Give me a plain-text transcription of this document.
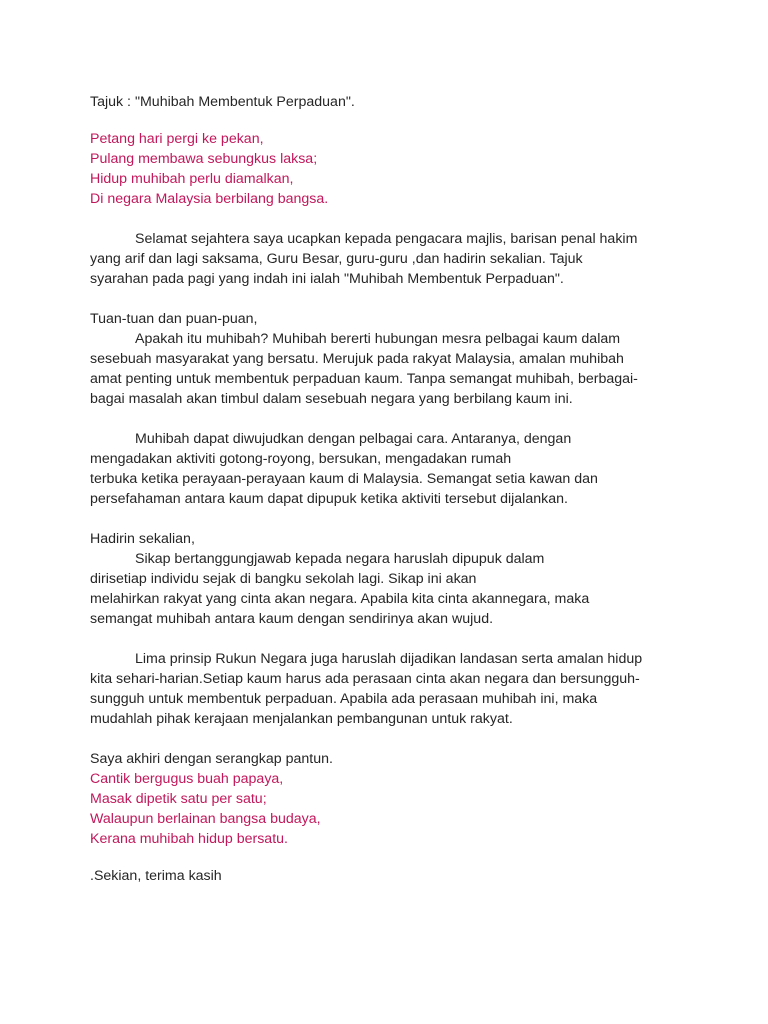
Tajuk : "Muhibah Membentuk Perpaduan".
Petang hari pergi ke pekan,
Pulang membawa sebungkus laksa;
Hidup muhibah perlu diamalkan,
Di negara Malaysia berbilang bangsa.
Selamat sejahtera saya ucapkan kepada pengacara majlis, barisan penal hakim
yang arif dan lagi saksama, Guru Besar, guru-guru ,dan hadirin sekalian. Tajuk
syarahan pada pagi yang indah ini ialah "Muhibah Membentuk Perpaduan".
Tuan-tuan dan puan-puan,
Apakah itu muhibah? Muhibah bererti hubungan mesra pelbagai kaum dalam
sesebuah masyarakat yang bersatu. Merujuk pada rakyat Malaysia, amalan muhibah
amat penting untuk membentuk perpaduan kaum. Tanpa semangat muhibah, berbagai-
bagai masalah akan timbul dalam sesebuah negara yang berbilang kaum ini.
Muhibah dapat diwujudkan dengan pelbagai cara. Antaranya, dengan
mengadakan aktiviti gotong-royong, bersukan, mengadakan rumah
terbuka ketika perayaan-perayaan kaum di Malaysia. Semangat setia kawan dan
persefahaman antara kaum dapat dipupuk ketika aktiviti tersebut dijalankan.
Hadirin sekalian,
Sikap bertanggungjawab kepada negara haruslah dipupuk dalam
dirisetiap individu sejak di bangku sekolah lagi. Sikap ini akan
melahirkan rakyat yang cinta akan negara. Apabila kita cinta akannegara, maka
semangat muhibah antara kaum dengan sendirinya akan wujud.
Lima prinsip Rukun Negara juga haruslah dijadikan landasan serta amalan hidup
kita sehari-harian.Setiap kaum harus ada perasaan cinta akan negara dan bersungguh-
sungguh untuk membentuk perpaduan. Apabila ada perasaan muhibah ini, maka
mudahlah pihak kerajaan menjalankan pembangunan untuk rakyat.
Saya akhiri dengan serangkap pantun.
Cantik bergugus buah papaya,
Masak dipetik satu per satu;
Walaupun berlainan bangsa budaya,
Kerana muhibah hidup bersatu.
.Sekian, terima kasih
